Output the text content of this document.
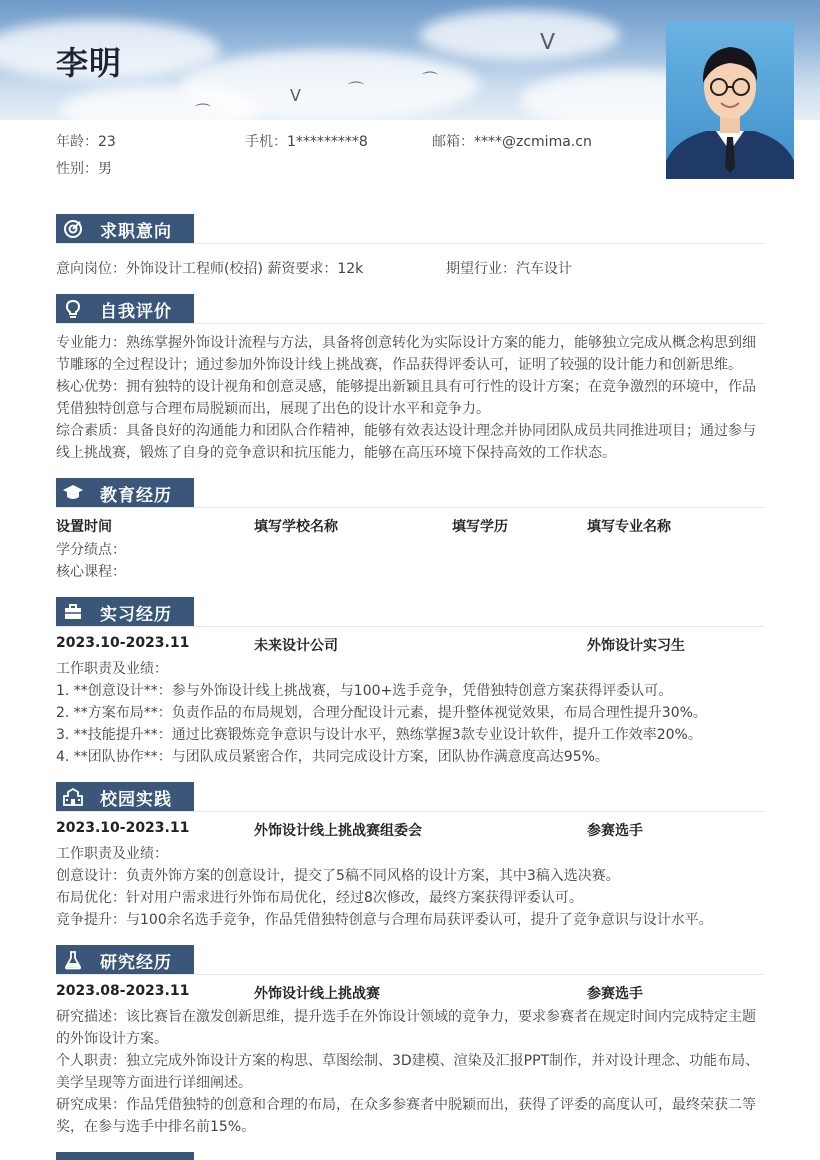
ᐯ
⌒
⌒
ᐯ
⌒
李明
年龄：23	手机：1*********8	邮箱：****@zcmima.cn
性别：男
求职意向
意向岗位：外饰设计工程师(校招) 薪资要求：12k	期望行业：汽车设计
自我评价

专业能力：熟练掌握外饰设计流程与方法，具备将创意转化为实际设计方案的能力，能够独立完成从概念构思到细节雕琢的全过程设计；通过参加外饰设计线上挑战赛，作品获得评委认可，证明了较强的设计能力和创新思维。

核心优势：拥有独特的设计视角和创意灵感，能够提出新颖且具有可行性的设计方案；在竞争激烈的环境中，作品凭借独特创意与合理布局脱颖而出，展现了出色的设计水平和竞争力。

综合素质：具备良好的沟通能力和团队合作精神，能够有效表达设计理念并协同团队成员共同推进项目；通过参与线上挑战赛，锻炼了自身的竞争意识和抗压能力，能够在高压环境下保持高效的工作状态。

教育经历
设置时间	填写学校名称	填写学历	填写专业名称

学分绩点：

核心课程：

实习经历
2023.10-2023.11	未来设计公司	外饰设计实习生

工作职责及业绩：

1. **创意设计**：参与外饰设计线上挑战赛，与100+选手竞争，凭借独特创意方案获得评委认可。

2. **方案布局**：负责作品的布局规划，合理分配设计元素，提升整体视觉效果，布局合理性提升30%。

3. **技能提升**：通过比赛锻炼竞争意识与设计水平，熟练掌握3款专业设计软件，提升工作效率20%。

4. **团队协作**：与团队成员紧密合作，共同完成设计方案，团队协作满意度高达95%。

校园实践
2023.10-2023.11	外饰设计线上挑战赛组委会	参赛选手

工作职责及业绩：

创意设计：负责外饰方案的创意设计，提交了5稿不同风格的设计方案，其中3稿入选决赛。

布局优化：针对用户需求进行外饰布局优化，经过8次修改，最终方案获得评委认可。

竞争提升：与100余名选手竞争，作品凭借独特创意与合理布局获评委认可，提升了竞争意识与设计水平。

研究经历
2023.08-2023.11	外饰设计线上挑战赛	参赛选手

研究描述：该比赛旨在激发创新思维，提升选手在外饰设计领域的竞争力，要求参赛者在规定时间内完成特定主题的外饰设计方案。

个人职责：独立完成外饰设计方案的构思、草图绘制、3D建模、渲染及汇报PPT制作，并对设计理念、功能布局、美学呈现等方面进行详细阐述。

研究成果：作品凭借独特的创意和合理的布局，在众多参赛者中脱颖而出，获得了评委的高度认可，最终荣获二等奖，在参与选手中排名前15%。
